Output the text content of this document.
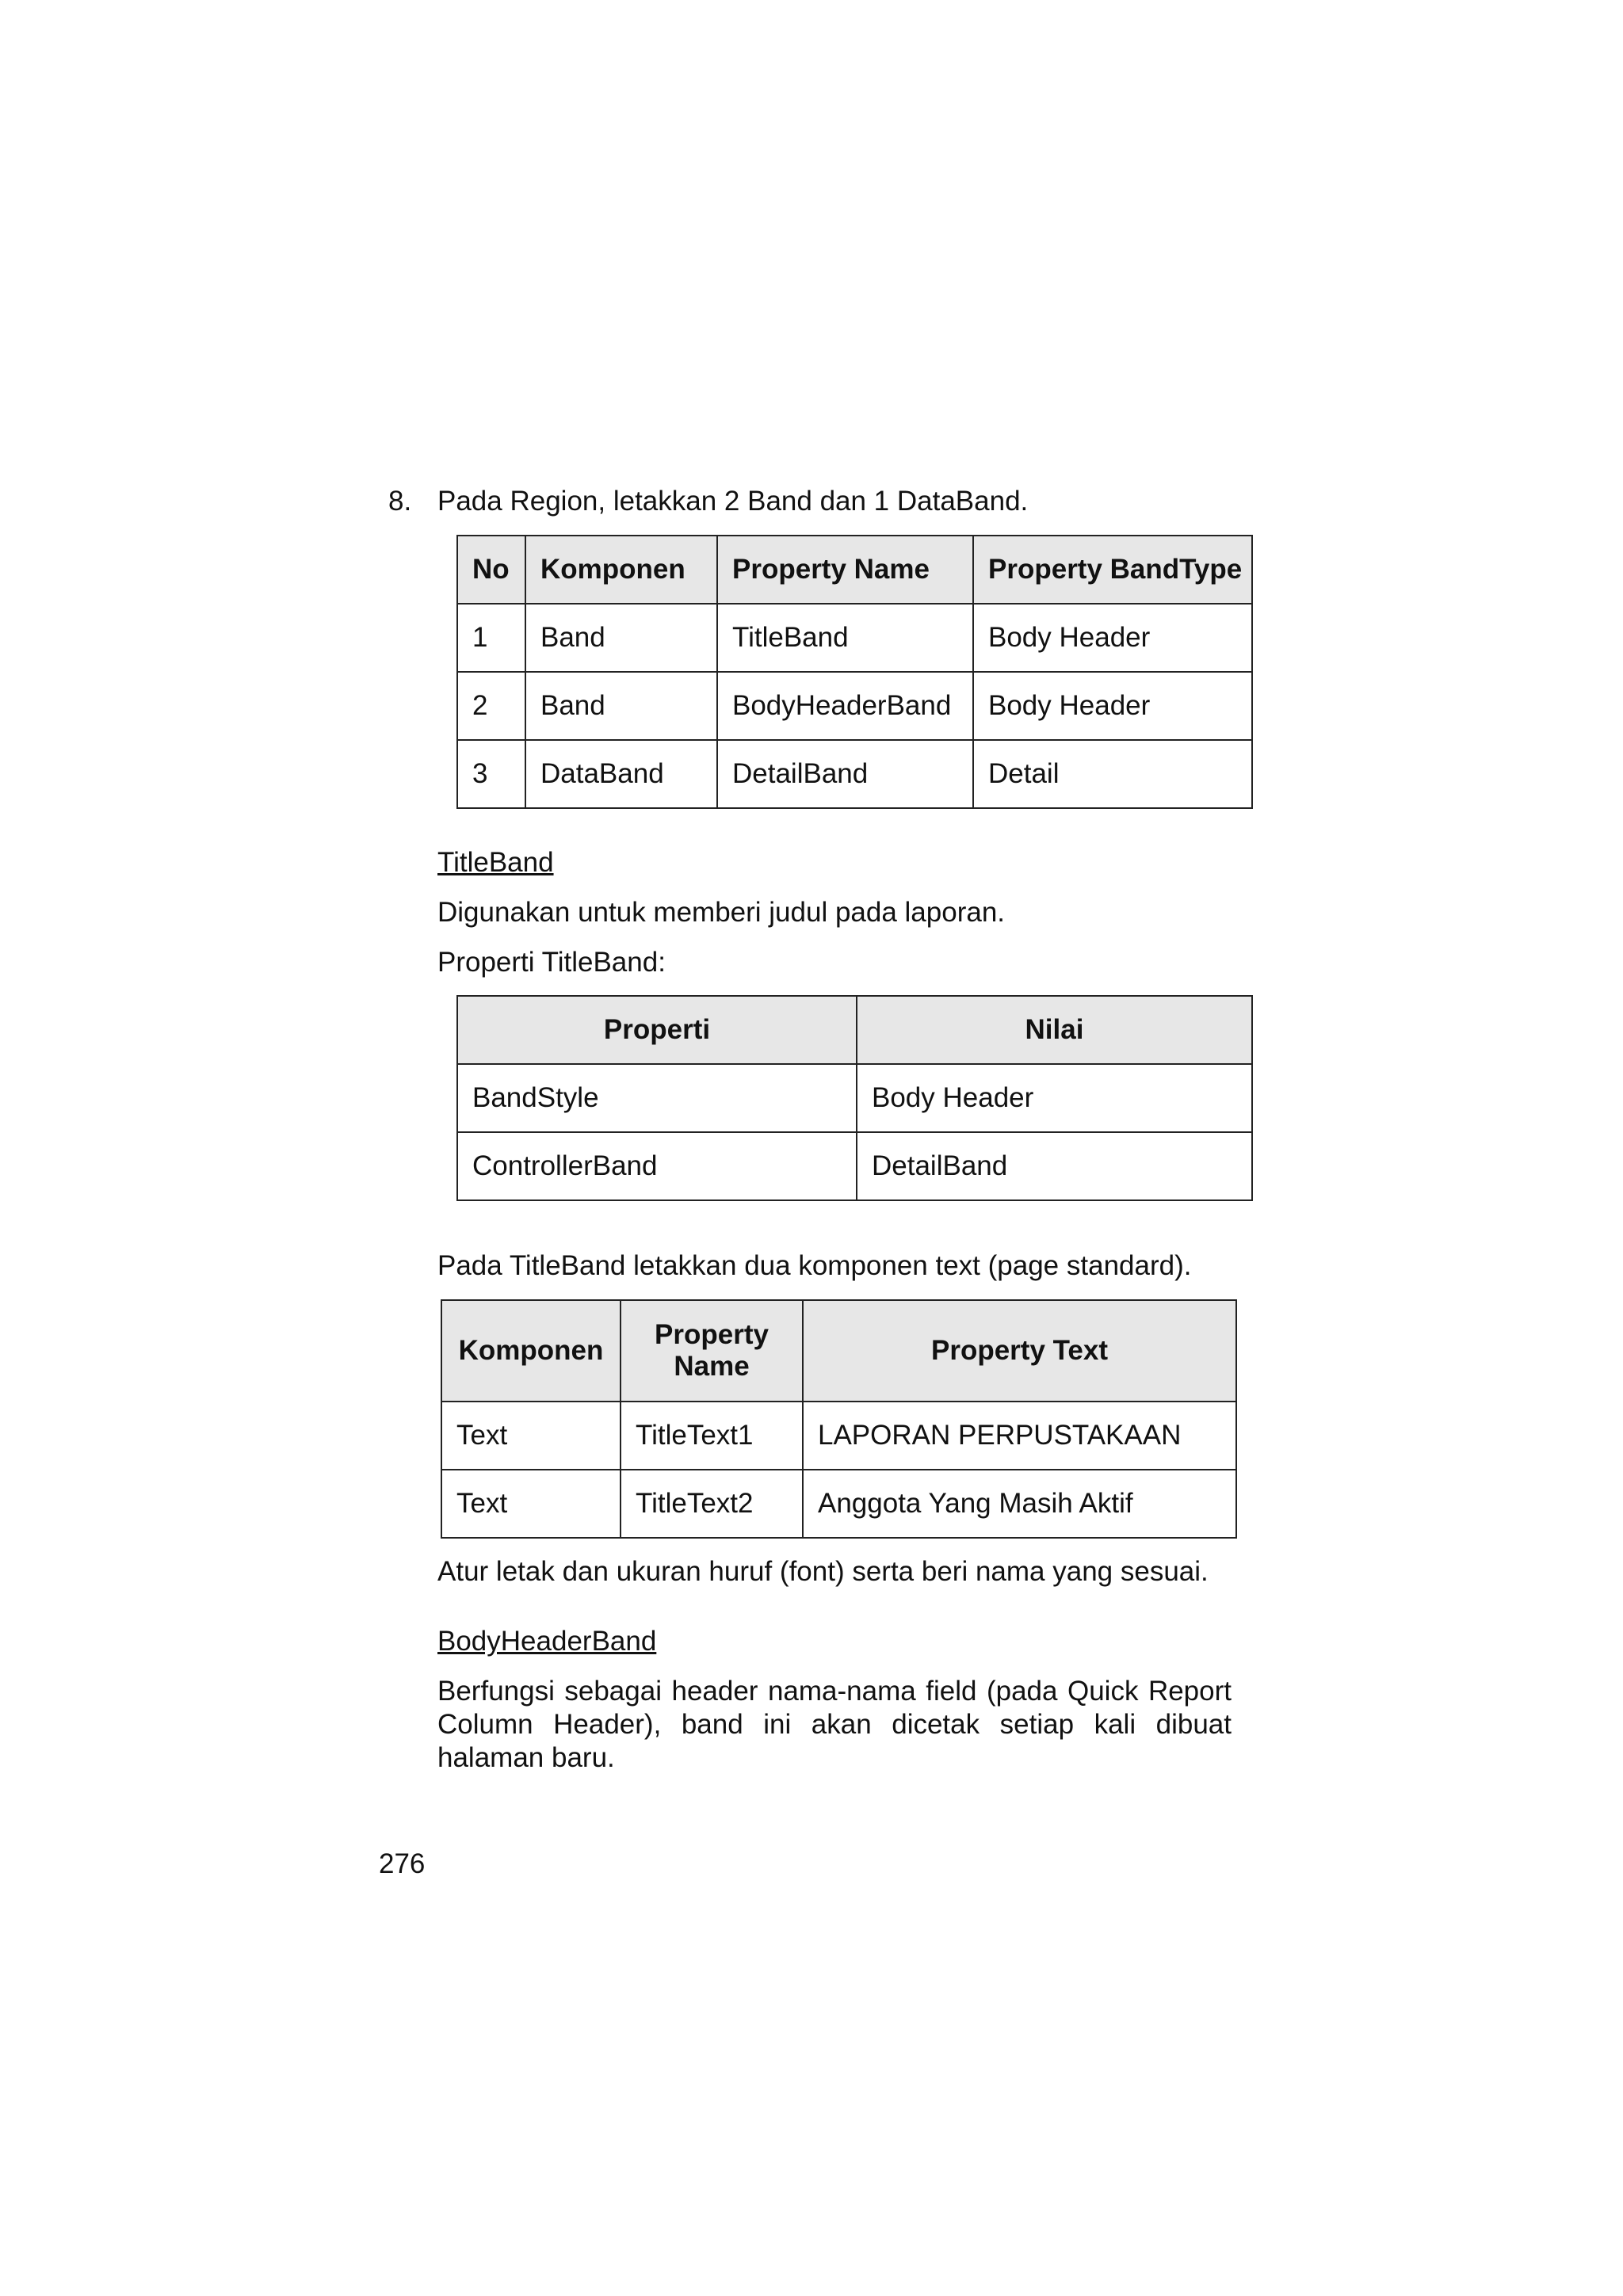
8. Pada Region, letakkan 2 Band dan 1 DataBand.
No	Komponen	Property Name	Property BandType
1	Band	TitleBand	Body Header
2	Band	BodyHeaderBand	Body Header
3	DataBand	DetailBand	Detail
TitleBand
Digunakan untuk memberi judul pada laporan.
Properti TitleBand:
Properti	Nilai
BandStyle	Body Header
ControllerBand	DetailBand
Pada TitleBand letakkan dua komponen text (page standard).
Komponen	Property Name	Property Text
Text	TitleText1	LAPORAN PERPUSTAKAAN
Text	TitleText2	Anggota Yang Masih Aktif
Atur letak dan ukuran huruf (font) serta beri nama yang sesuai.
BodyHeaderBand
Berfungsi sebagai header nama-nama field (pada Quick Report Column Header), band ini akan dicetak setiap kali dibuat halaman baru.
276
